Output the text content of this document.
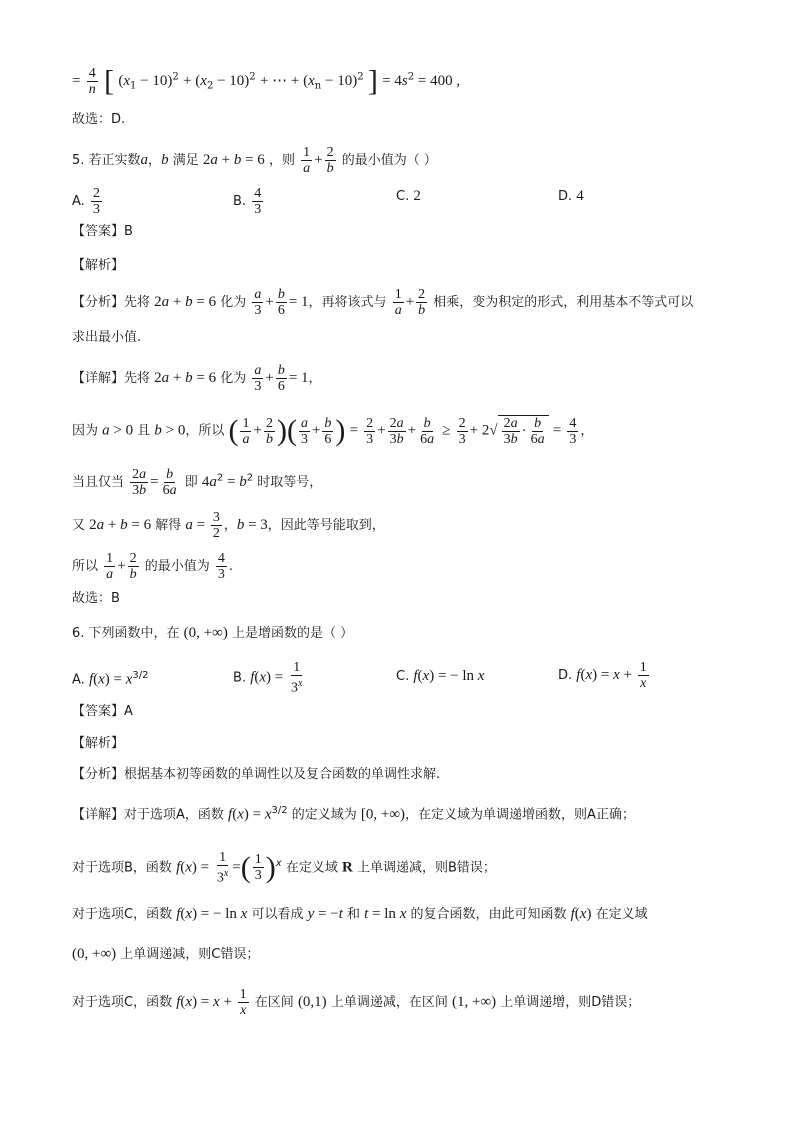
= $\frac{4}{n}$ [ $(x_1 - 10)^2 + (x_2 - 10)^2$ + ⋯ + $(x_n - 10)^2$ ] = $4s^2 = 400$ ,
故选：D.
5. 若正实数a，b 满足 2a + b = 6 ，则 $\frac{1}{a} + \frac{2}{b}$ 的最小值为（ ）
A. $\frac{2}{3}$	B. $\frac{4}{3}$	C. 2	D. 4
【答案】B
【解析】
【分析】先将 2a + b = 6 化为 $\frac{a}{3} + \frac{b}{6} = 1$，再将该式与 $\frac{1}{a} + \frac{2}{b}$ 相乘，变为积定的形式，利用基本不等式可以
求出最小值.
【详解】先将 2a + b = 6 化为 $\frac{a}{3} + \frac{b}{6} = 1$，
因为 a > 0 且 b > 0，所以 ( $\frac{1}{a} + \frac{2}{b}$ )( $\frac{a}{3} + \frac{b}{6}$ ) = $\frac{2}{3} + \frac{2a}{3b} + \frac{b}{6a} \ge \frac{2}{3} + 2√ \frac{2a}{3b} \cdot \frac{b}{6a} = \frac{4}{3}$ ，
当且仅当 $\frac{2a}{3b} = \frac{b}{6a}$ 即 $4a^2 = b^2$ 时取等号，
又 2a + b = 6 解得 $a = \frac{3}{2}$ ，b = 3，因此等号能取到，
所以 $\frac{1}{a} + \frac{2}{b}$ 的最小值为 $\frac{4}{3}$ .
故选：B
6. 下列函数中，在 (0, +∞) 上是增函数的是（ ）
A. $f(x) = x^{3/2}$	B. $f(x) = \frac{1}{3^x}$	C. f(x) = − ln x	D. $f(x) = x + \frac{1}{x}$
【答案】A
【解析】
【分析】根据基本初等函数的单调性以及复合函数的单调性求解.
【详解】对于选项A，函数 $f(x) = x^{3/2}$ 的定义域为 [0, +∞)，在定义域为单调递增函数，则A正确；
对于选项B，函数 $f(x) = \frac{1}{3^x}$ =( $\frac{1}{3} )^x$ 在定义域 R 上单调递减，则B错误；
对于选项C，函数 f(x) = − ln x 可以看成 y = −t 和 t = ln x 的复合函数，由此可知函数 f(x) 在定义域
(0, +∞) 上单调递减，则C错误；
对于选项C，函数 $f(x) = x + \frac{1}{x}$ 在区间 (0,1) 上单调递减，在区间 (1, +∞) 上单调递增，则D错误；
